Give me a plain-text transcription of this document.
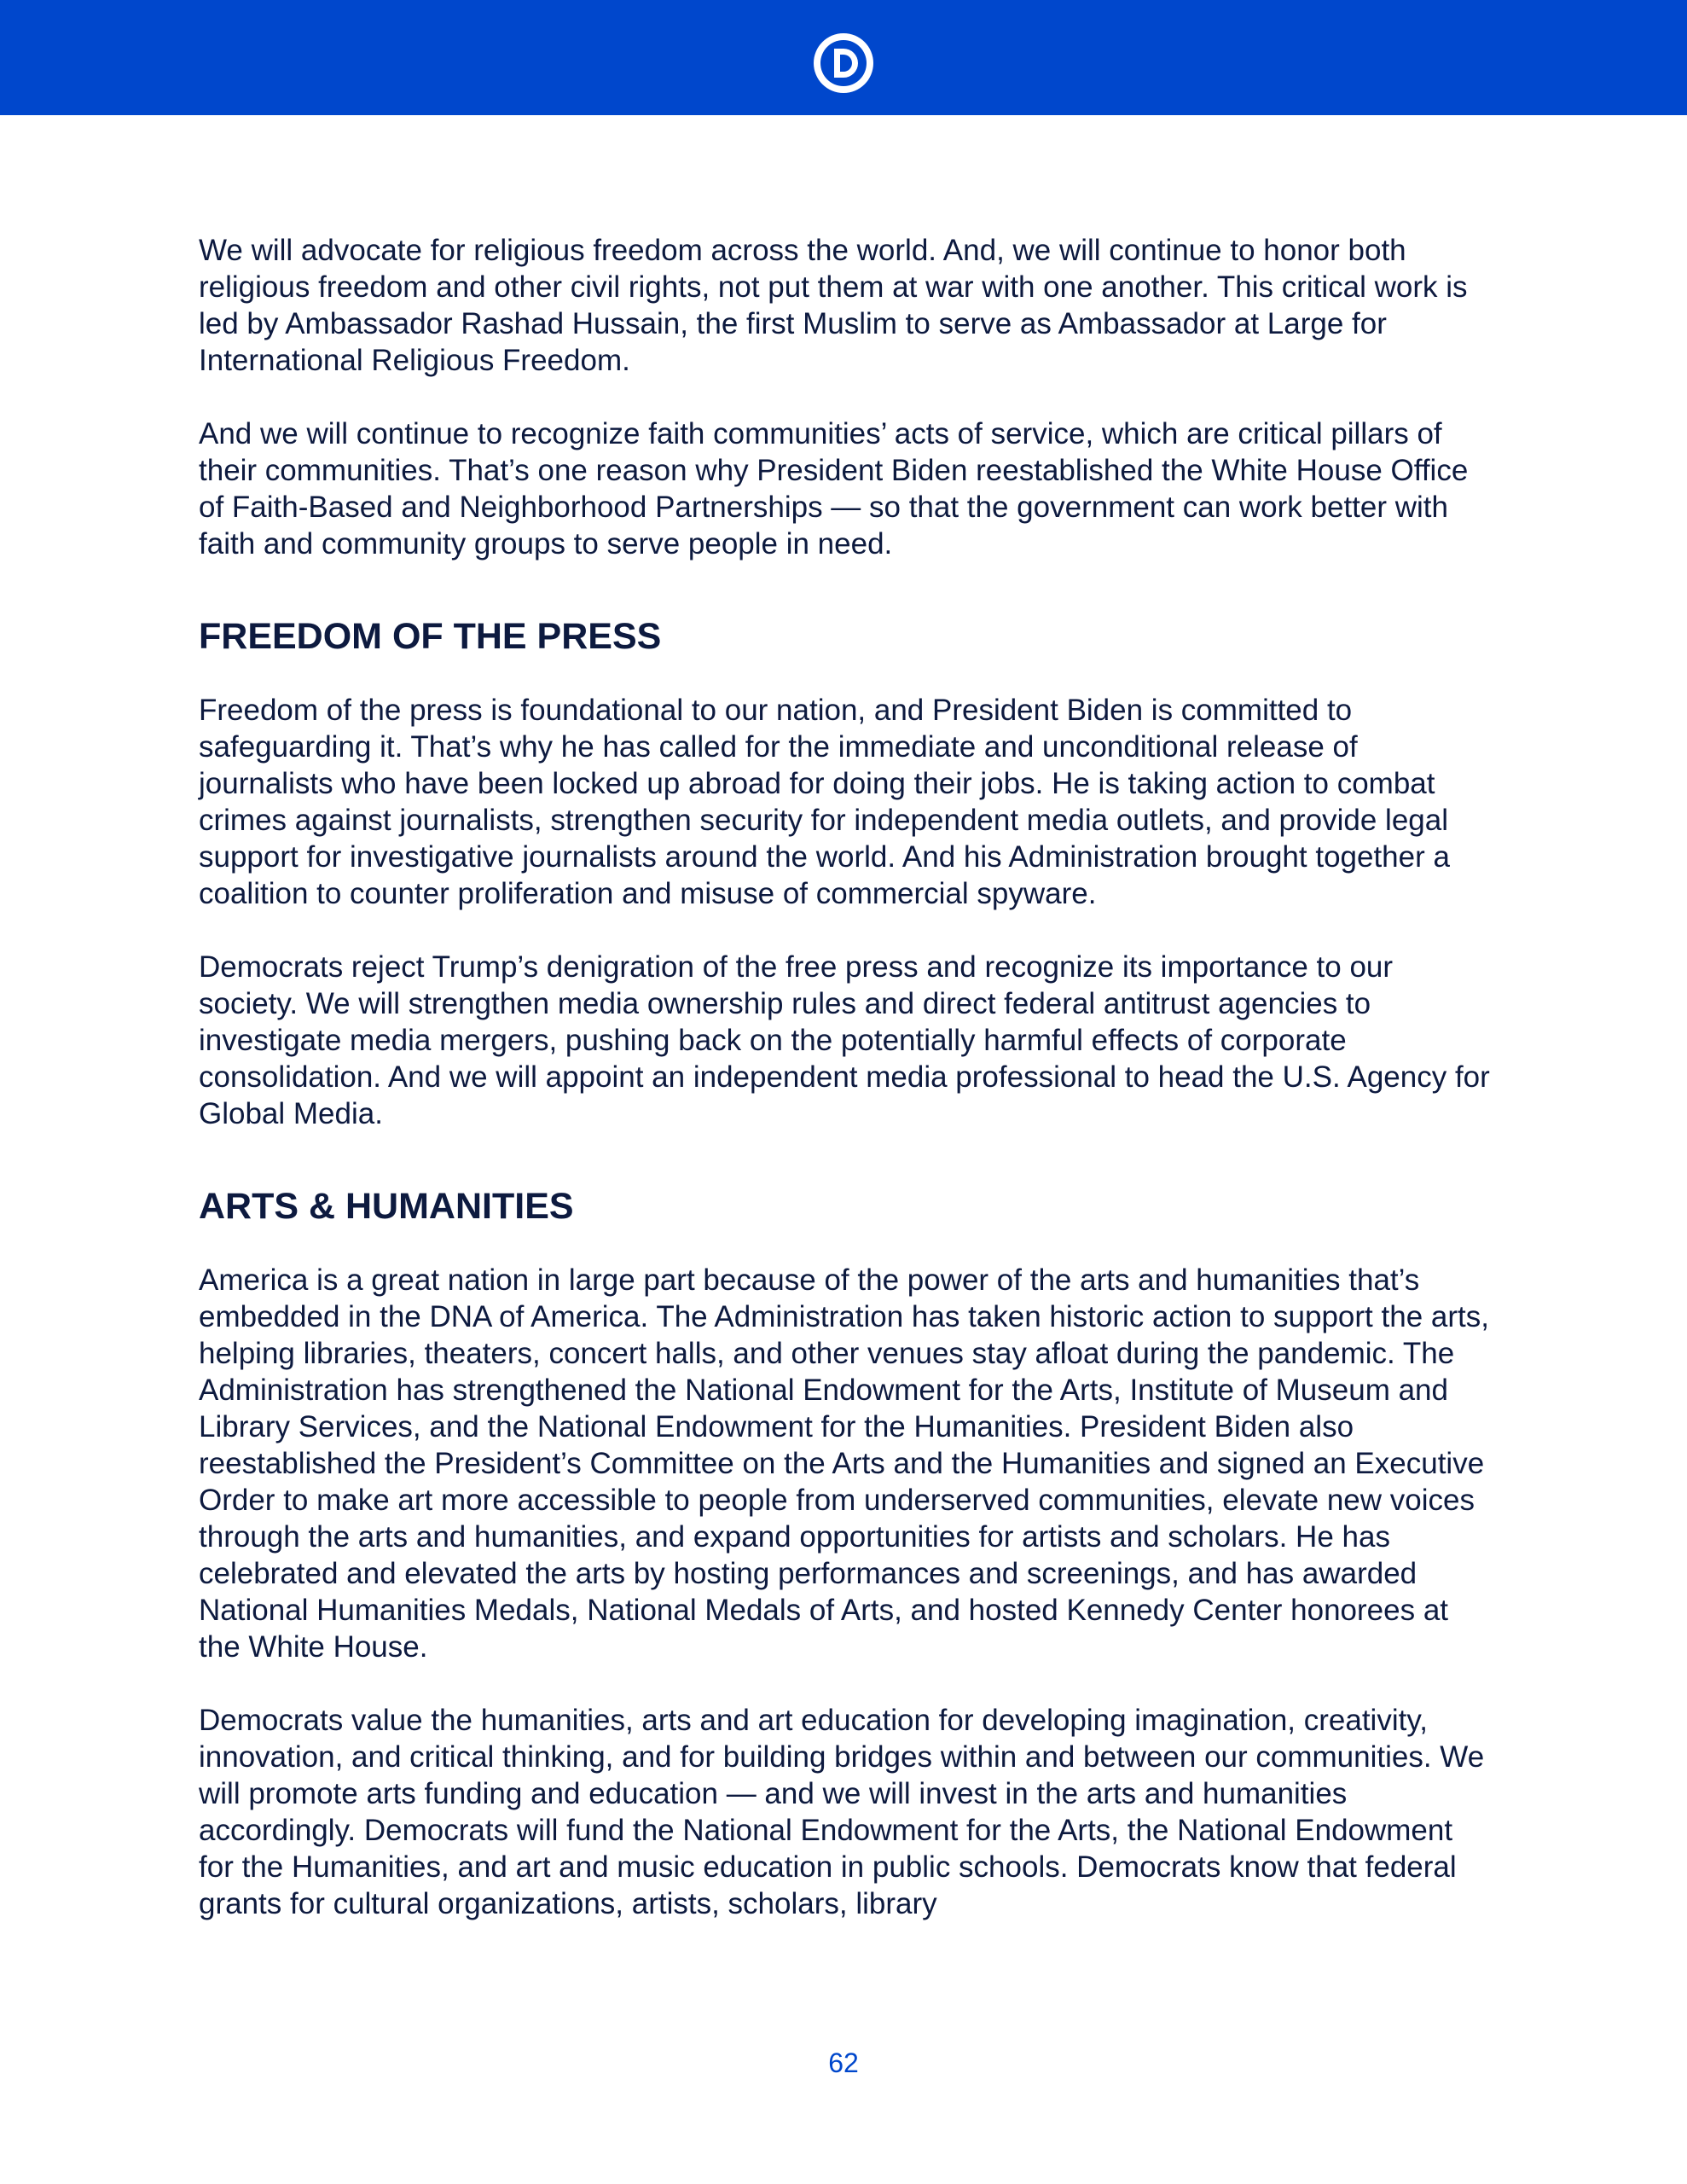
We will advocate for religious freedom across the world. And, we will continue to honor both religious freedom and other civil rights, not put them at war with one another. This critical work is led by Ambassador Rashad Hussain, the first Muslim to serve as Ambassador at Large for International Religious Freedom.

And we will continue to recognize faith communities’ acts of service, which are critical pillars of their communities. That’s one reason why President Biden reestablished the White House Office of Faith-Based and Neighborhood Partnerships — so that the government can work better with faith and community groups to serve people in need.

FREEDOM OF THE PRESS

Freedom of the press is foundational to our nation, and President Biden is committed to safeguarding it. That’s why he has called for the immediate and unconditional release of journalists who have been locked up abroad for doing their jobs. He is taking action to combat crimes against journalists, strengthen security for independent media outlets, and provide legal support for investigative journalists around the world. And his Administration brought together a coalition to counter proliferation and misuse of commercial spyware.

Democrats reject Trump’s denigration of the free press and recognize its importance to our society. We will strengthen media ownership rules and direct federal antitrust agencies to investigate media mergers, pushing back on the potentially harmful effects of corporate consolidation. And we will appoint an independent media professional to head the U.S. Agency for Global Media.

ARTS & HUMANITIES

America is a great nation in large part because of the power of the arts and humanities that’s embedded in the DNA of America. The Administration has taken historic action to support the arts, helping libraries, theaters, concert halls, and other venues stay afloat during the pandemic. The Administration has strengthened the National Endowment for the Arts, Institute of Museum and Library Services, and the National Endowment for the Humanities. President Biden also reestablished the President’s Committee on the Arts and the Humanities and signed an Executive Order to make art more accessible to people from underserved communities, elevate new voices through the arts and humanities, and expand opportunities for artists and scholars. He has celebrated and elevated the arts by hosting performances and screenings, and has awarded National Humanities Medals, National Medals of Arts, and hosted Kennedy Center honorees at the White House.

Democrats value the humanities, arts and art education for developing imagination, creativity, innovation, and critical thinking, and for building bridges within and between our communities. We will promote arts funding and education — and we will invest in the arts and humanities accordingly. Democrats will fund the National Endowment for the Arts, the National Endowment for the Humanities, and art and music education in public schools. Democrats know that federal grants for cultural organizations, artists, scholars, library

62
